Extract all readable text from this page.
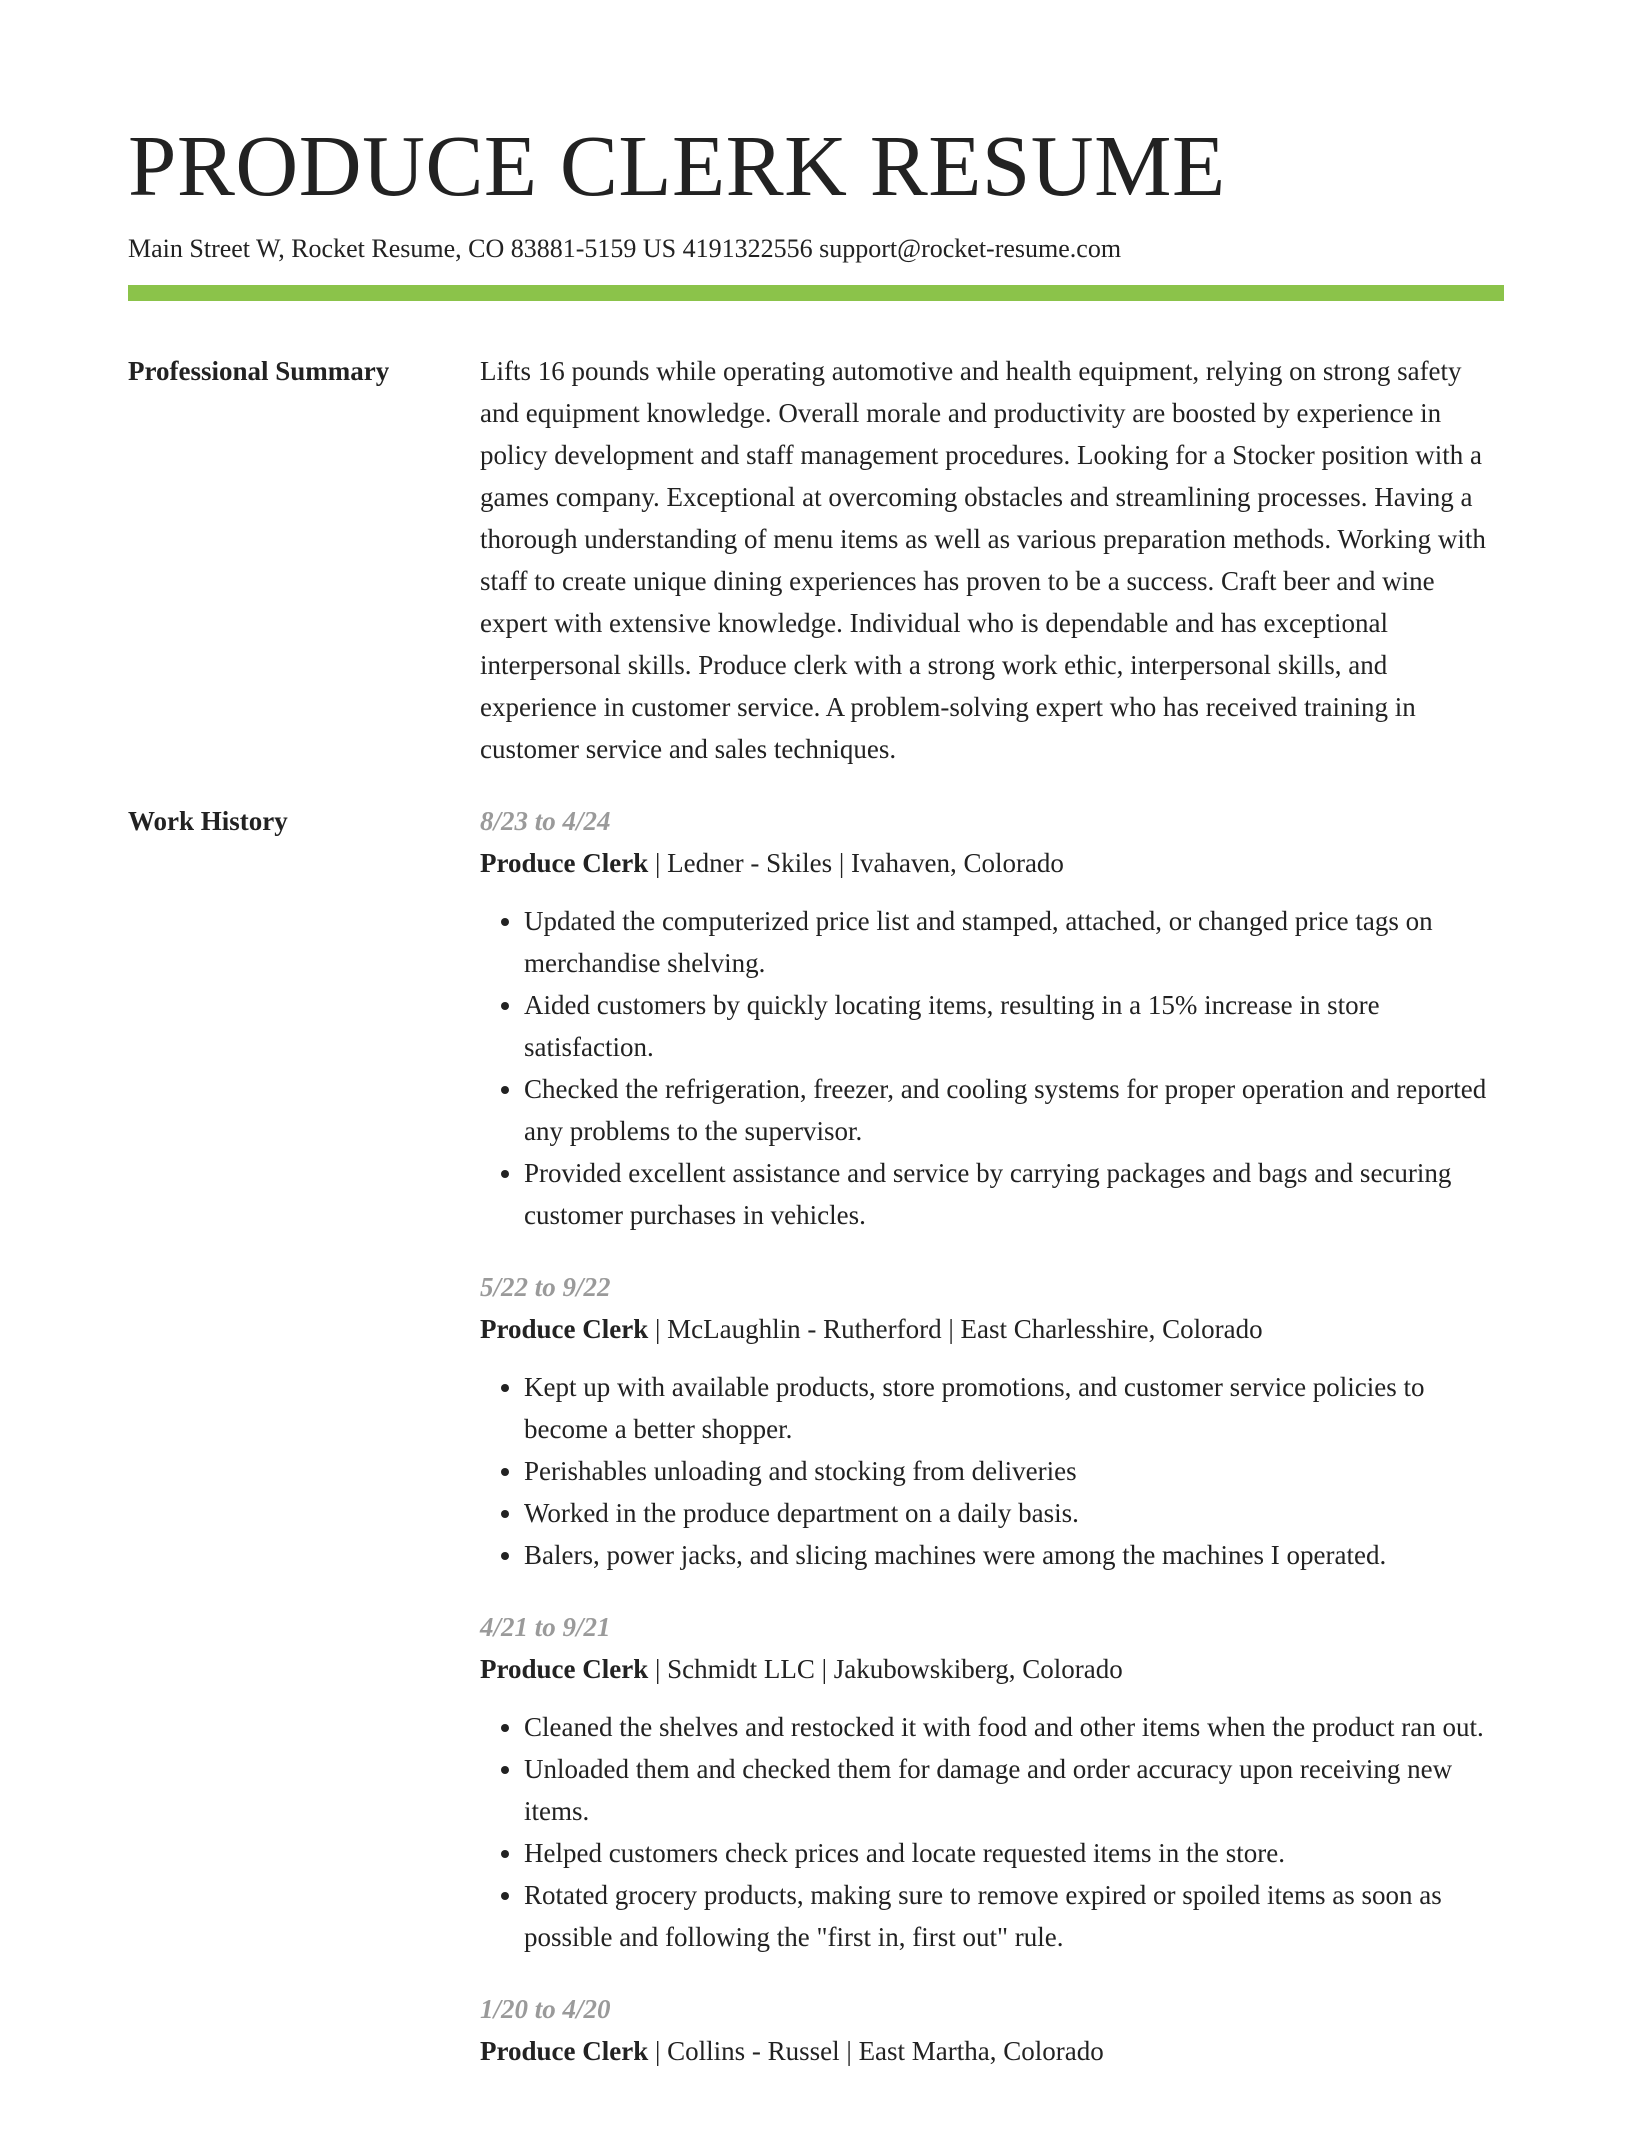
PRODUCE CLERK RESUME
Main Street W, Rocket Resume, CO 83881-5159 US 4191322556 support@rocket-resume.com
Professional Summary	Lifts 16 pounds while operating automotive and health equipment, relying on strong safety and equipment knowledge. Overall morale and productivity are boosted by experience in policy development and staff management procedures. Looking for a Stocker position with a games company. Exceptional at overcoming obstacles and streamlining processes. Having a thorough understanding of menu items as well as various preparation methods. Working with staff to create unique dining experiences has proven to be a success. Craft beer and wine expert with extensive knowledge. Individual who is dependable and has exceptional interpersonal skills. Produce clerk with a strong work ethic, interpersonal skills, and experience in customer service. A problem-solving expert who has received training in customer service and sales techniques.

Work History	8/23 to 4/24
Produce Clerk | Ledner - Skiles | Ivahaven, Colorado
• Updated the computerized price list and stamped, attached, or changed price tags on merchandise shelving.
• Aided customers by quickly locating items, resulting in a 15% increase in store satisfaction.
• Checked the refrigeration, freezer, and cooling systems for proper operation and reported any problems to the supervisor.
• Provided excellent assistance and service by carrying packages and bags and securing customer purchases in vehicles.
5/22 to 9/22
Produce Clerk | McLaughlin - Rutherford | East Charlesshire, Colorado
• Kept up with available products, store promotions, and customer service policies to become a better shopper.
• Perishables unloading and stocking from deliveries
• Worked in the produce department on a daily basis.
• Balers, power jacks, and slicing machines were among the machines I operated.
4/21 to 9/21
Produce Clerk | Schmidt LLC | Jakubowskiberg, Colorado
• Cleaned the shelves and restocked it with food and other items when the product ran out.
• Unloaded them and checked them for damage and order accuracy upon receiving new items.
• Helped customers check prices and locate requested items in the store.
• Rotated grocery products, making sure to remove expired or spoiled items as soon as possible and following the "first in, first out" rule.
1/20 to 4/20
Produce Clerk | Collins - Russel | East Martha, Colorado
